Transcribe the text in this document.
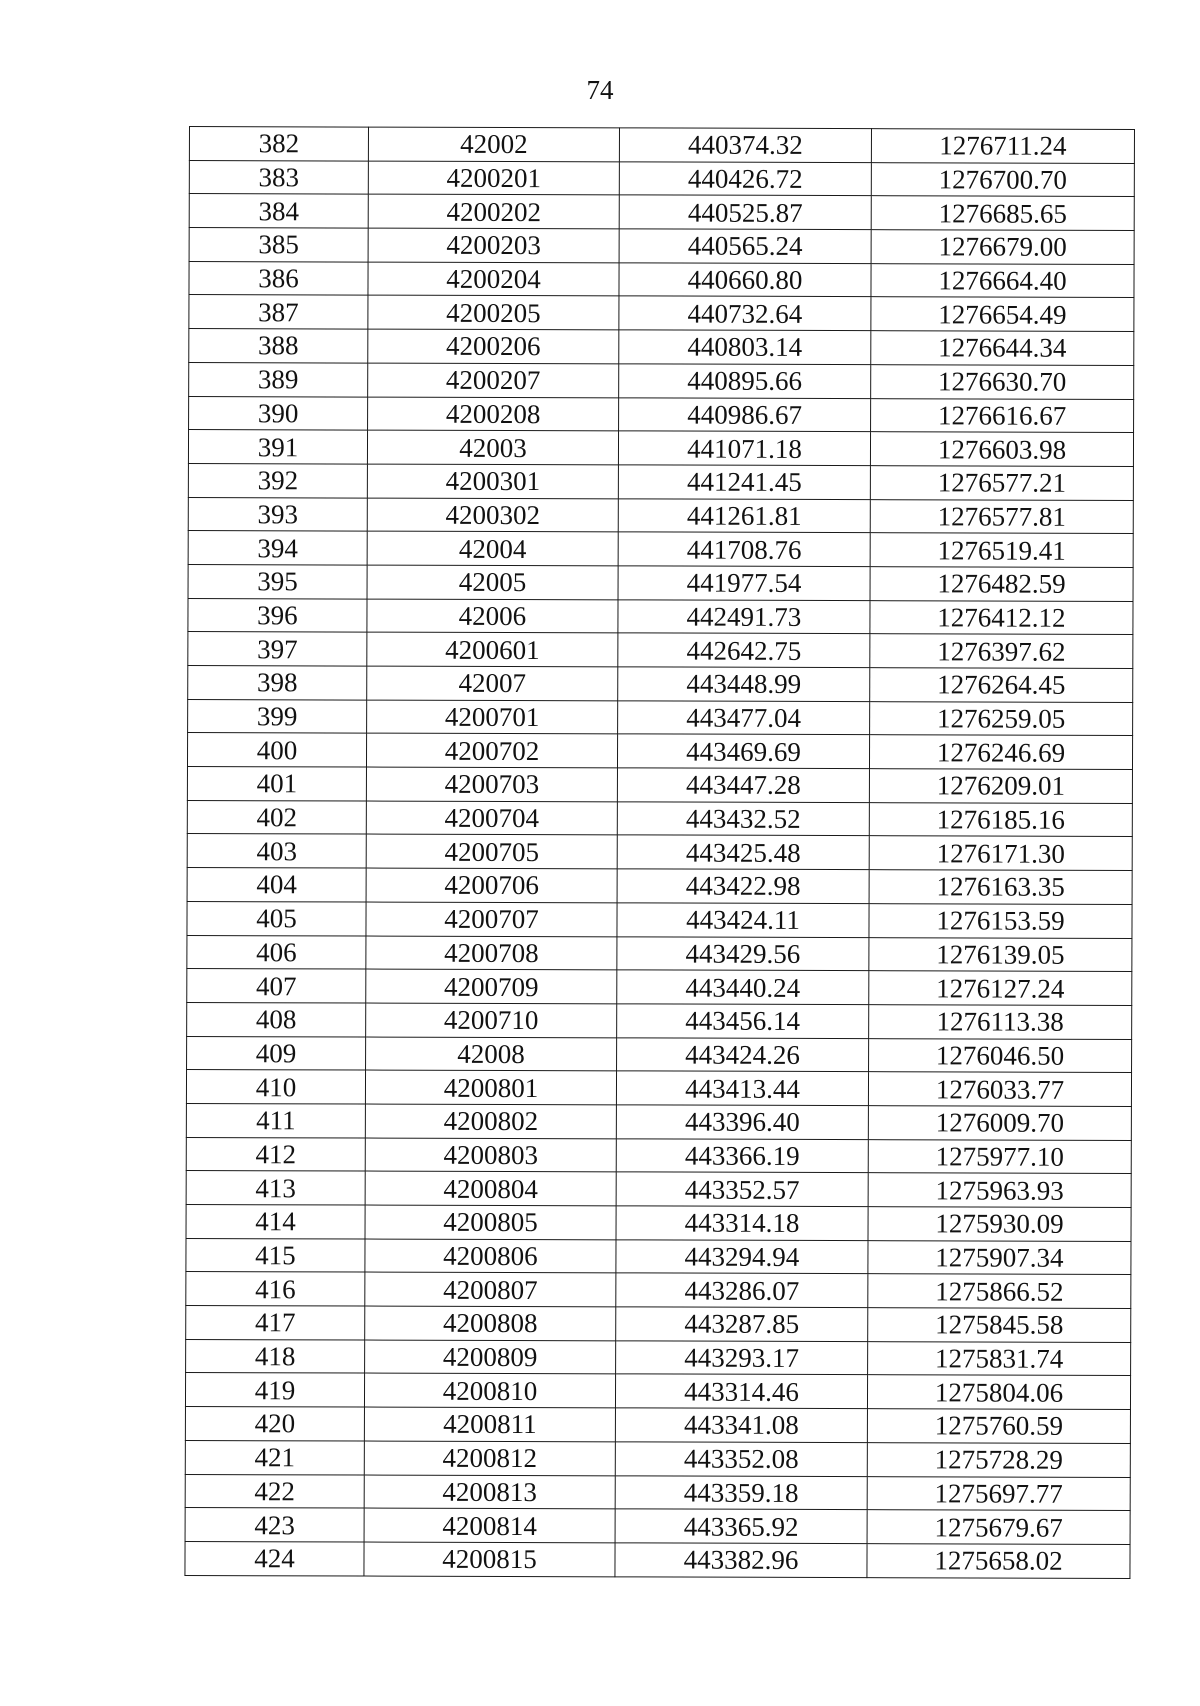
74
382	42002	440374.32	1276711.24
383	4200201	440426.72	1276700.70
384	4200202	440525.87	1276685.65
385	4200203	440565.24	1276679.00
386	4200204	440660.80	1276664.40
387	4200205	440732.64	1276654.49
388	4200206	440803.14	1276644.34
389	4200207	440895.66	1276630.70
390	4200208	440986.67	1276616.67
391	42003	441071.18	1276603.98
392	4200301	441241.45	1276577.21
393	4200302	441261.81	1276577.81
394	42004	441708.76	1276519.41
395	42005	441977.54	1276482.59
396	42006	442491.73	1276412.12
397	4200601	442642.75	1276397.62
398	42007	443448.99	1276264.45
399	4200701	443477.04	1276259.05
400	4200702	443469.69	1276246.69
401	4200703	443447.28	1276209.01
402	4200704	443432.52	1276185.16
403	4200705	443425.48	1276171.30
404	4200706	443422.98	1276163.35
405	4200707	443424.11	1276153.59
406	4200708	443429.56	1276139.05
407	4200709	443440.24	1276127.24
408	4200710	443456.14	1276113.38
409	42008	443424.26	1276046.50
410	4200801	443413.44	1276033.77
411	4200802	443396.40	1276009.70
412	4200803	443366.19	1275977.10
413	4200804	443352.57	1275963.93
414	4200805	443314.18	1275930.09
415	4200806	443294.94	1275907.34
416	4200807	443286.07	1275866.52
417	4200808	443287.85	1275845.58
418	4200809	443293.17	1275831.74
419	4200810	443314.46	1275804.06
420	4200811	443341.08	1275760.59
421	4200812	443352.08	1275728.29
422	4200813	443359.18	1275697.77
423	4200814	443365.92	1275679.67
424	4200815	443382.96	1275658.02
